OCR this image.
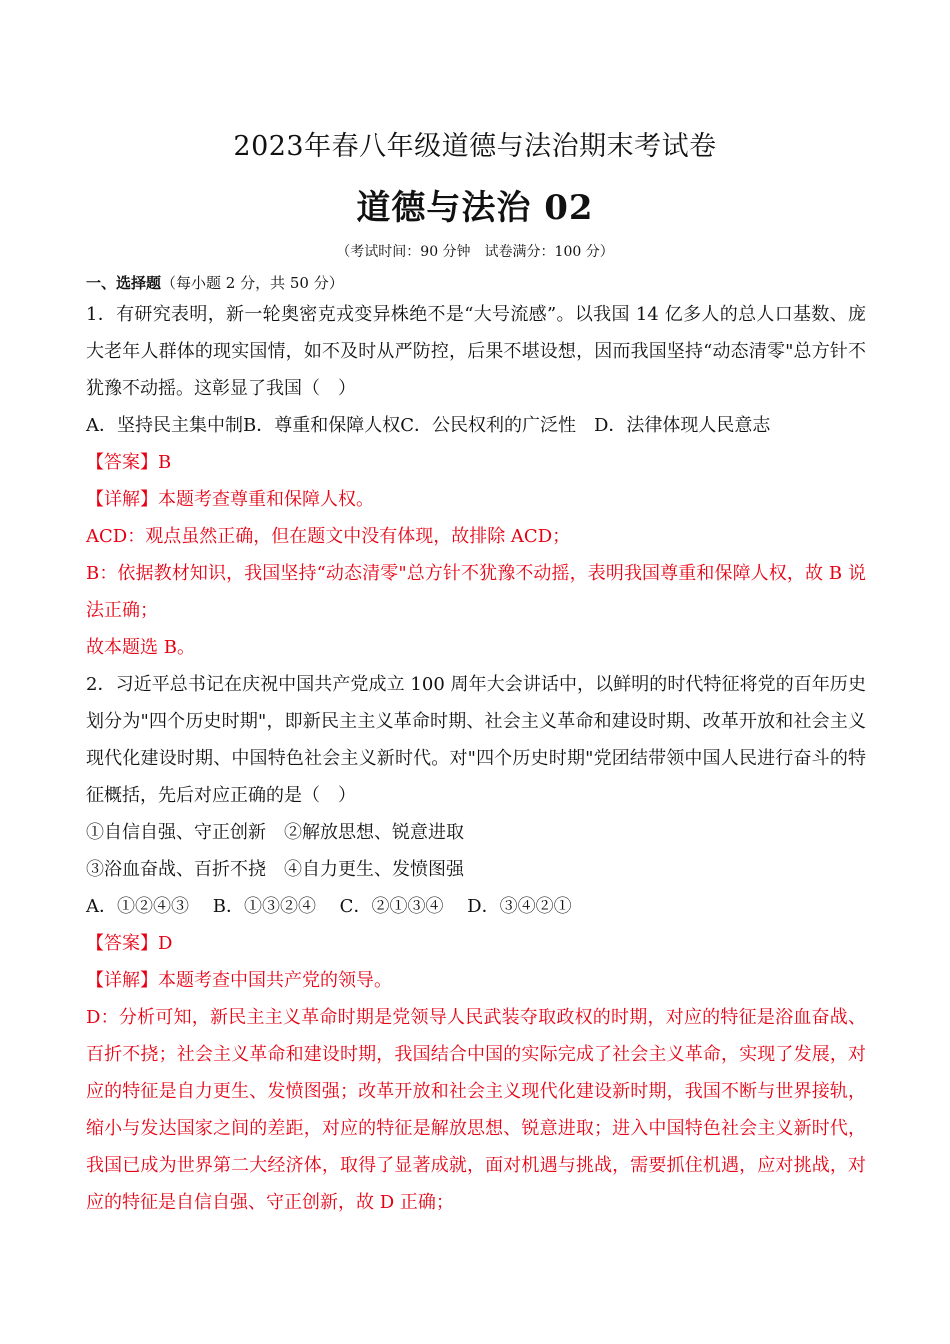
2023年春八年级道德与法治期末考试卷
道德与法治 02
（考试时间：90 分钟　试卷满分：100 分）
一、选择题（每小题 2 分，共 50 分）

1．有研究表明，新一轮奥密克戎变异株绝不是“大号流感”。以我国 14 亿多人的总人口基数、庞大老年人群体的现实国情，如不及时从严防控，后果不堪设想，因而我国坚持“动态清零"总方针不犹豫不动摇。这彰显了我国（　）

A．坚持民主集中制B．尊重和保障人权C．公民权利的广泛性　D．法律体现人民意志

【答案】B

【详解】本题考查尊重和保障人权。

ACD：观点虽然正确，但在题文中没有体现，故排除 ACD；

B：依据教材知识，我国坚持“动态清零"总方针不犹豫不动摇，表明我国尊重和保障人权，故 B 说法正确；

故本题选 B。

2．习近平总书记在庆祝中国共产党成立 100 周年大会讲话中，以鲜明的时代特征将党的百年历史划分为"四个历史时期"，即新民主主义革命时期、社会主义革命和建设时期、改革开放和社会主义现代化建设时期、中国特色社会主义新时代。对"四个历史时期"党团结带领中国人民进行奋斗的特征概括，先后对应正确的是（　）

①自信自强、守正创新　②解放思想、锐意进取

③浴血奋战、百折不挠　④自力更生、发愤图强

A．①②④③　 B．①③②④　 C．②①③④　 D．③④②①

【答案】D

【详解】本题考查中国共产党的领导。

D：分析可知，新民主主义革命时期是党领导人民武装夺取政权的时期，对应的特征是浴血奋战、百折不挠；社会主义革命和建设时期，我国结合中国的实际完成了社会主义革命，实现了发展，对应的特征是自力更生、发愤图强；改革开放和社会主义现代化建设新时期，我国不断与世界接轨，缩小与发达国家之间的差距，对应的特征是解放思想、锐意进取；进入中国特色社会主义新时代，我国已成为世界第二大经济体，取得了显著成就，面对机遇与挑战，需要抓住机遇，应对挑战，对应的特征是自信自强、守正创新，故 D 正确；
